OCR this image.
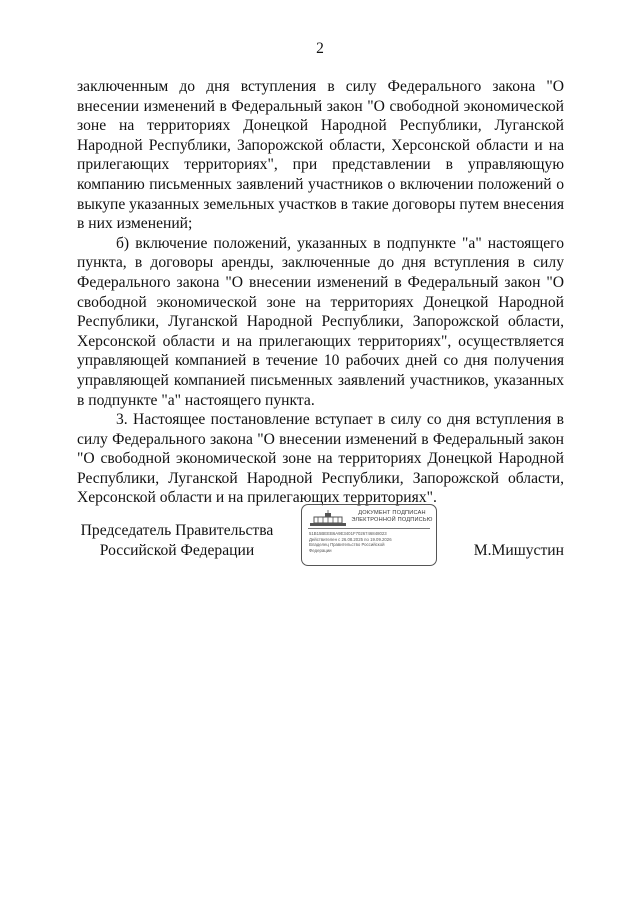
2

заключенным до дня вступления в силу Федерального закона "О внесении изменений в Федеральный закон "О свободной экономической зоне на территориях Донецкой Народной Республики, Луганской Народной Республики, Запорожской области, Херсонской области и на прилегающих территориях", при представлении в управляющую компанию письменных заявлений участников о включении положений о выкупе указанных земельных участков в такие договоры путем внесения в них изменений;

б) включение положений, указанных в подпункте "а" настоящего пункта, в договоры аренды, заключенные до дня вступления в силу Федерального закона "О внесении изменений в Федеральный закон "О свободной экономической зоне на территориях Донецкой Народной Республики, Луганской Народной Республики, Запорожской области, Херсонской области и на прилегающих территориях", осуществляется управляющей компанией в течение 10 рабочих дней со дня получения управляющей компанией письменных заявлений участников, указанных в подпункте "а" настоящего пункта.

3. Настоящее постановление вступает в силу со дня вступления в силу Федерального закона "О внесении изменений в Федеральный закон "О свободной экономической зоне на территориях Донецкой Народной Республики, Луганской Народной Республики, Запорожской области, Херсонской области и на прилегающих территориях".

Председатель Правительства
Российской Федерации
ДОКУМЕНТ ПОДПИСАН
ЭЛЕКТРОННОЙ ПОДПИСЬЮ
51B15BEEB6A9E3401F7026746848023
Действителен с 26.08.2025 по 19.09.2026
Владелец Правительство Российской
Федерации	М.Мишустин
